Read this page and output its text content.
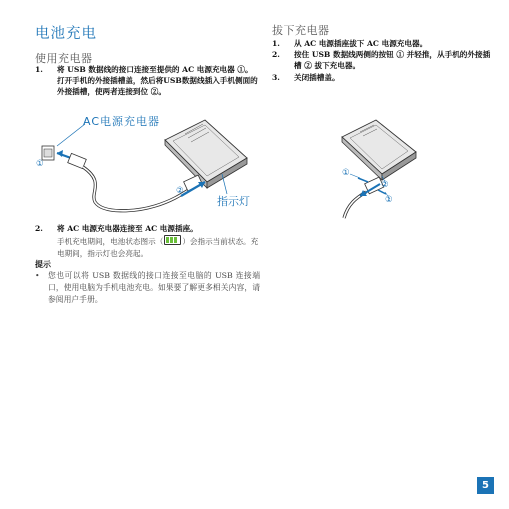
电池充电
使用充电器
1. 将 USB 数据线的接口连接至提供的 AC 电源充电器 ①。打开手机的外接插槽盖，然后将USB数据线插入手机侧面的外接插槽，使两者连接到位 ②。
AC电源充电器
①
②
指示灯
2. 将 AC 电源充电器连接至 AC 电源插座。
手机充电期间，电池状态图示（	）会指示当前状态。充电期间，指示灯也会亮起。
提示
• 您也可以将 USB 数据线的接口连接至电脑的 USB 连接端口，使用电脑为手机电池充电。如果要了解更多相关内容，请参阅用户手册。
拔下充电器
1. 从 AC 电源插座拔下 AC 电源充电器。
2. 按住 USB 数据线两侧的按钮 ① 并轻推，从手机的外接插槽 ② 拔下充电器。
3. 关闭插槽盖。
①
②
①
5
